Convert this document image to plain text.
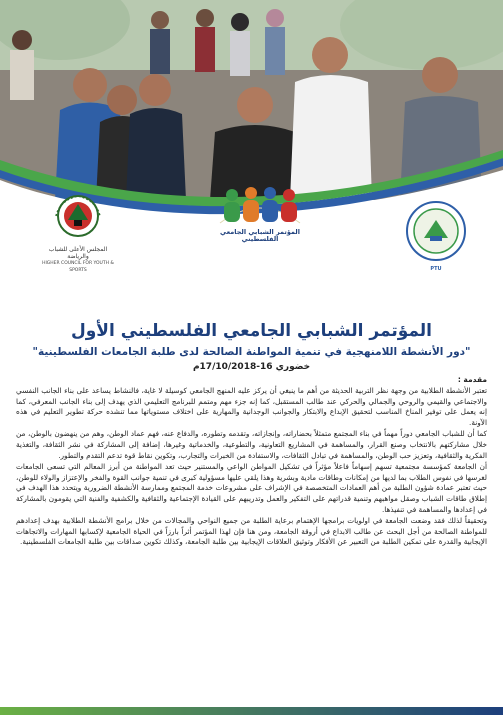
المجلس الأعلى للشباب والرياضة
HIGHER COUNCIL FOR YOUTH & SPORTS
المؤتمر الشبابي الجامعي الفلسطيني
PTU
المؤتمر الشبابي الجامعي الفلسطيني الأول

"دور الأنشطة اللامنهجية في تنمية المواطنة الصالحة لدى طلبة الجامعات الفلسطينية"

خضوري 16-17/10/2018م

مقدمة :

تعتبر الأنشطة الطلابية من وجهة نظر التربية الحديثة من أهم ما ينبغي أن يركز عليه المنهج الجامعي كوسيلة لا غاية، فالنشاط يساعد على بناء الجانب النفسي والاجتماعي والقيمي والروحي والجمالي والحركي عند طالب المستقبل، كما إنه جزء مهم ومتمم للبرنامج التعليمي الذي يهدف إلى بناء الجانب المعرفي، كما إنه يعمل على توفير المناخ المناسب لتحقيق الإبداع والابتكار والجوانب الوجدانية والمهارية على اختلاف مستوياتها مما تنشده حركة تطوير التعليم في هذه الآونة.

كما أن للشباب الجامعي دوراً مهماً في بناء المجتمع متمثلاً بحضاراته، وإنجازاته، وتقدمه وتطوره، والدفاع عنه، فهم عماد الوطن، وهم من ينهضون بالوطن، من خلال مشاركتهم بالانتخاب وصنع القرار، والمساهمة في المشاريع التعاونية، والتطوعية، والخدماتية وغيرها، إضافة إلى المشاركة في نشر الثقافة، والتغذية الفكرية والثقافية، وتعزيز حب الوطن، والمساهمة في تبادل الثقافات، والاستفادة من الخبرات والتجارب، وتكوين نقاط قوة تدعم التقدم والتطور.

أن الجامعة كمؤسسة مجتمعية تسهم إسهاماً فاعلاً مؤثراً في تشكيل المواطن الواعي والمستنير حيث تعد المواطنة من أبرز المعالم التي تسعى الجامعات لغرسها في نفوس الطلاب بما لديها من إمكانات وطاقات مادية وبشرية وهذا يلقي عليها مسؤولية كبرى في تنمية جوانب القوة والفخر والإعتزاز والولاء للوطن، حيث تعتبر عمادة شؤون الطلبة من أهم العمادات المتخصصة في الإشراف على مشروعات خدمة المجتمع وممارسة الأنشطة الضرورية ويتحدد هذا الهدف في إطلاق طاقات الشباب وصقل مواهبهم وتنمية قدراتهم على التفكير والعمل وتدريبهم على القيادة الإجتماعية والثقافية والكشفية والفنية التي يقومون بالمشاركة في إعدادها والمساهمة في تنفيذها.

وتحقيقاً لذلك فقد وضعت الجامعة في اولويات برامجها الإهتمام برعاية الطلبة من جميع النواحي والمجالات من خلال برامج الأنشطة الطلابية بهدف إعدادهم للمواطنة الصالحة من أجل البحث عن طالب الابداع في أروقة الجامعة، ومن هنا فإن لهذا المؤتمر أثراً بارزاً في الحياة الجامعية لإكسابها المهارات والاتجاهات الإيجابية والقدرة على تمكين الطلبة من التعبير عن الأفكار وتوثيق العلاقات الإيجابية بين طلبة الجامعة، وكذلك تكوين صداقات بين طلبة الجامعات الفلسطينية.
